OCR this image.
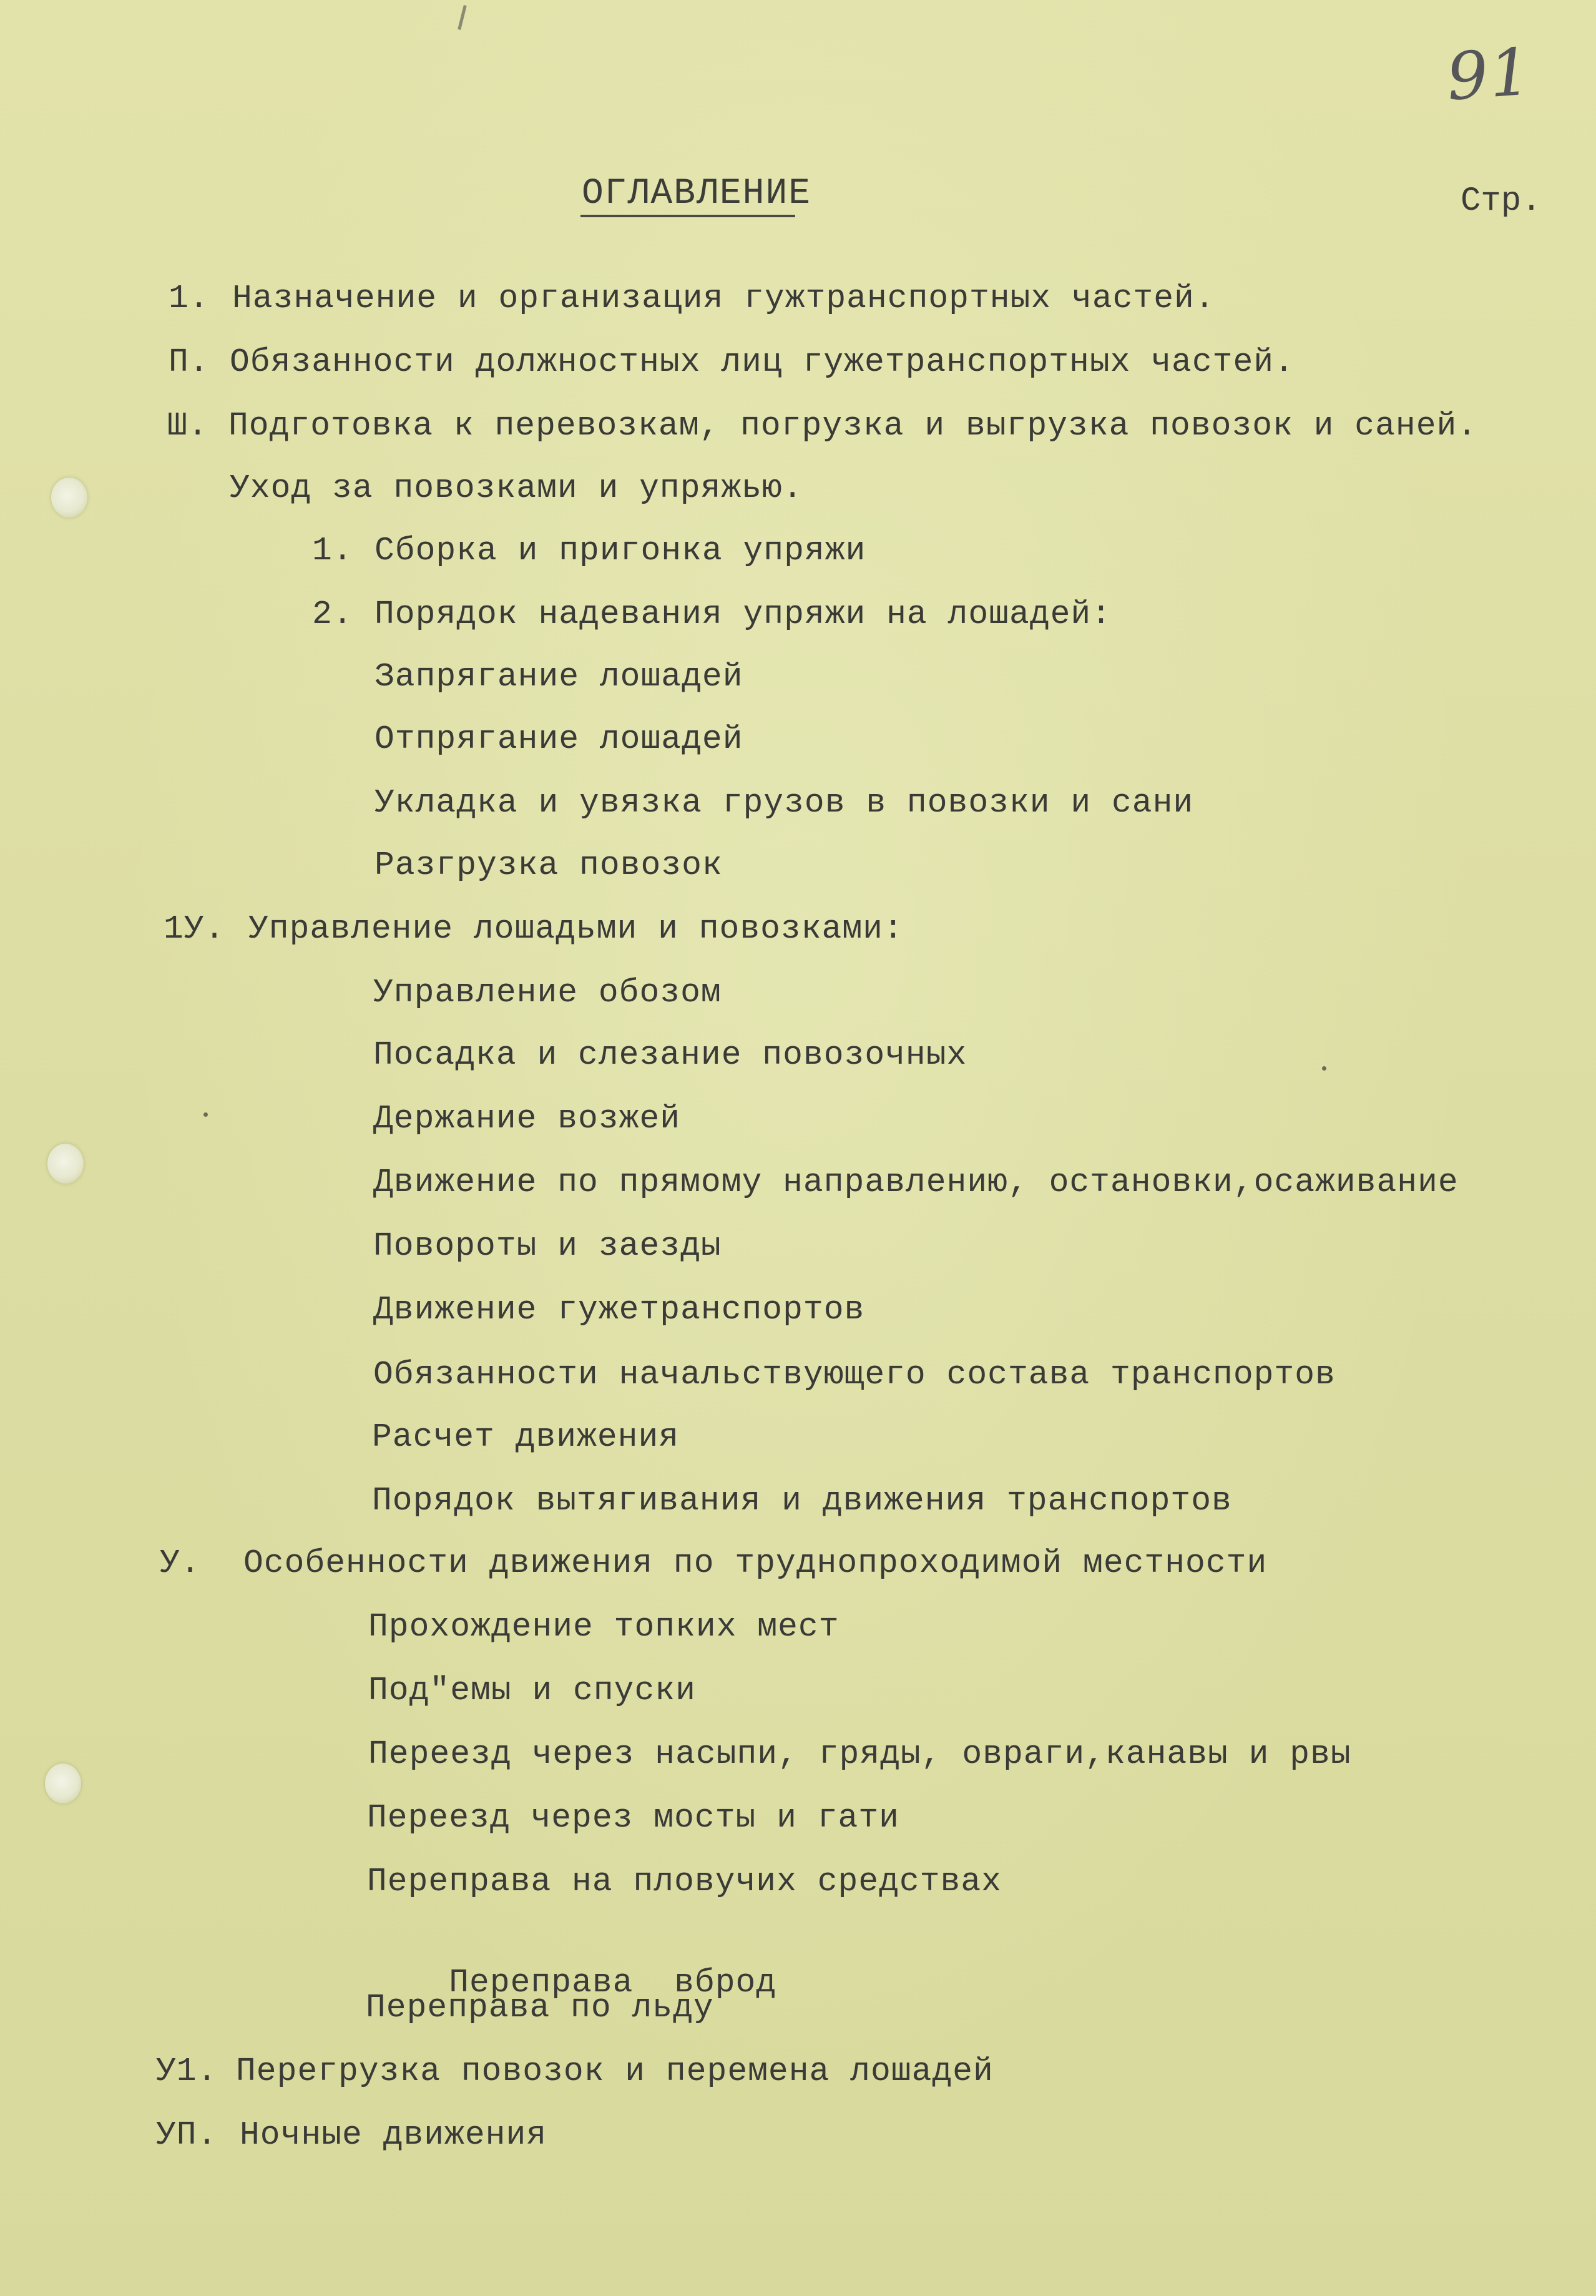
91
ОГЛАВЛЕНИЕ	Стр.
1. Назначение и организация гужтранспортных частей.
П. Обязанности должностных лиц гужетранспортных частей.
Ш. Подготовка к перевозкам, погрузка и выгрузка повозок и саней.
Уход за повозками и упряжью.
1. Сборка и пригонка упряжи
2. Порядок надевания упряжи на лошадей:
Запрягание лошадей
Отпрягание лошадей
Укладка и увязка грузов в повозки и сани
Разгрузка повозок
1У. Управление лошадьми и повозками:
Управление обозом
Посадка и слезание повозочных
Держание возжей
Движение по прямому направлению, остановки,осаживание
Повороты и заезды
Движение гужетранспортов
Обязанности начальствующего состава транспортов
Расчет движения
Порядок вытягивания и движения транспортов
У. Особенности движения по труднопроходимой местности
Прохождение топких мест
Под"емы и спуски
Переезд через насыпи, гряды, овраги,канавы и рвы
Переезд через мосты и гати
Переправа на пловучих средствах

Переправа  вброд

Переправа по льду
У1. Перегрузка повозок и перемена лошадей
УП. Ночные движения
